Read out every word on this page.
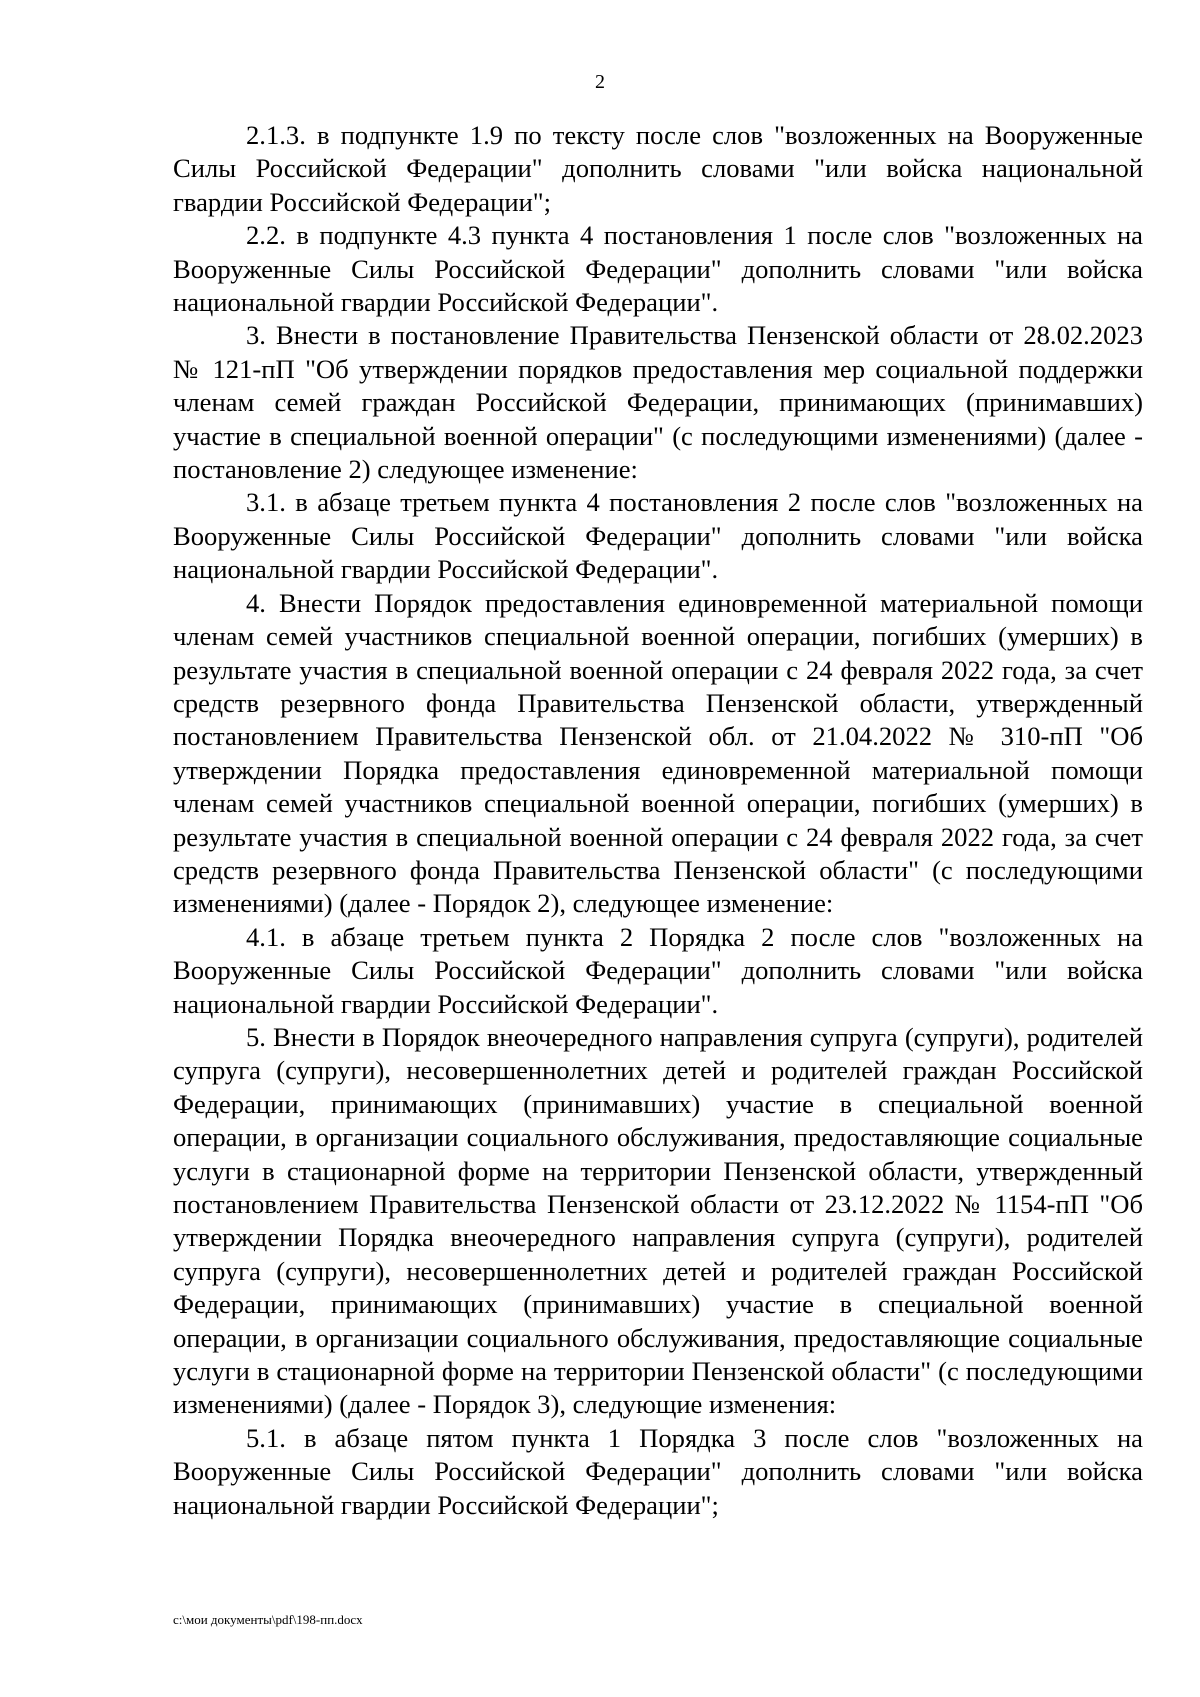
2

2.1.3. в подпункте 1.9 по тексту после слов "возложенных на Вооруженные Силы Российской Федерации" дополнить словами "или войска национальной гвардии Российской Федерации";

2.2. в подпункте 4.3 пункта 4 постановления 1 после слов "возложенных на Вооруженные Силы Российской Федерации" дополнить словами "или войска национальной гвардии Российской Федерации".

3. Внести в постановление Правительства Пензенской области от 28.02.2023 № 121-пП "Об утверждении порядков предоставления мер социальной поддержки членам семей граждан Российской Федерации, принимающих (принимавших) участие в специальной военной операции" (с последующими изменениями) (далее - постановление 2) следующее изменение:

3.1. в абзаце третьем пункта 4 постановления 2 после слов "возложенных на Вооруженные Силы Российской Федерации" дополнить словами "или войска национальной гвардии Российской Федерации".

4. Внести Порядок предоставления единовременной материальной помощи членам семей участников специальной военной операции, погибших (умерших) в результате участия в специальной военной операции с 24 февраля 2022 года, за счет средств резервного фонда Правительства Пензенской области, утвержденный постановлением Правительства Пензенской обл. от 21.04.2022 № 310-пП "Об утверждении Порядка предоставления единовременной материальной помощи членам семей участников специальной военной операции, погибших (умерших) в результате участия в специальной военной операции с 24 февраля 2022 года, за счет средств резервного фонда Правительства Пензенской области" (с последующими изменениями) (далее - Порядок 2), следующее изменение:

4.1. в абзаце третьем пункта 2 Порядка 2 после слов "возложенных на Вооруженные Силы Российской Федерации" дополнить словами "или войска национальной гвардии Российской Федерации".

5. Внести в Порядок внеочередного направления супруга (супруги), родителей супруга (супруги), несовершеннолетних детей и родителей граждан Российской Федерации, принимающих (принимавших) участие в специальной военной операции, в организации социального обслуживания, предоставляющие социальные услуги в стационарной форме на территории Пензенской области, утвержденный постановлением Правительства Пензенской области от 23.12.2022 № 1154-пП "Об утверждении Порядка внеочередного направления супруга (супруги), родителей супруга (супруги), несовершеннолетних детей и родителей граждан Российской Федерации, принимающих (принимавших) участие в специальной военной операции, в организации социального обслуживания, предоставляющие социальные услуги в стационарной форме на территории Пензенской области" (с последующими изменениями) (далее - Порядок 3), следующие изменения:

5.1. в абзаце пятом пункта 1 Порядка 3 после слов "возложенных на Вооруженные Силы Российской Федерации" дополнить словами "или войска национальной гвардии Российской Федерации";

c:\мои документы\pdf\198-пп.docx
